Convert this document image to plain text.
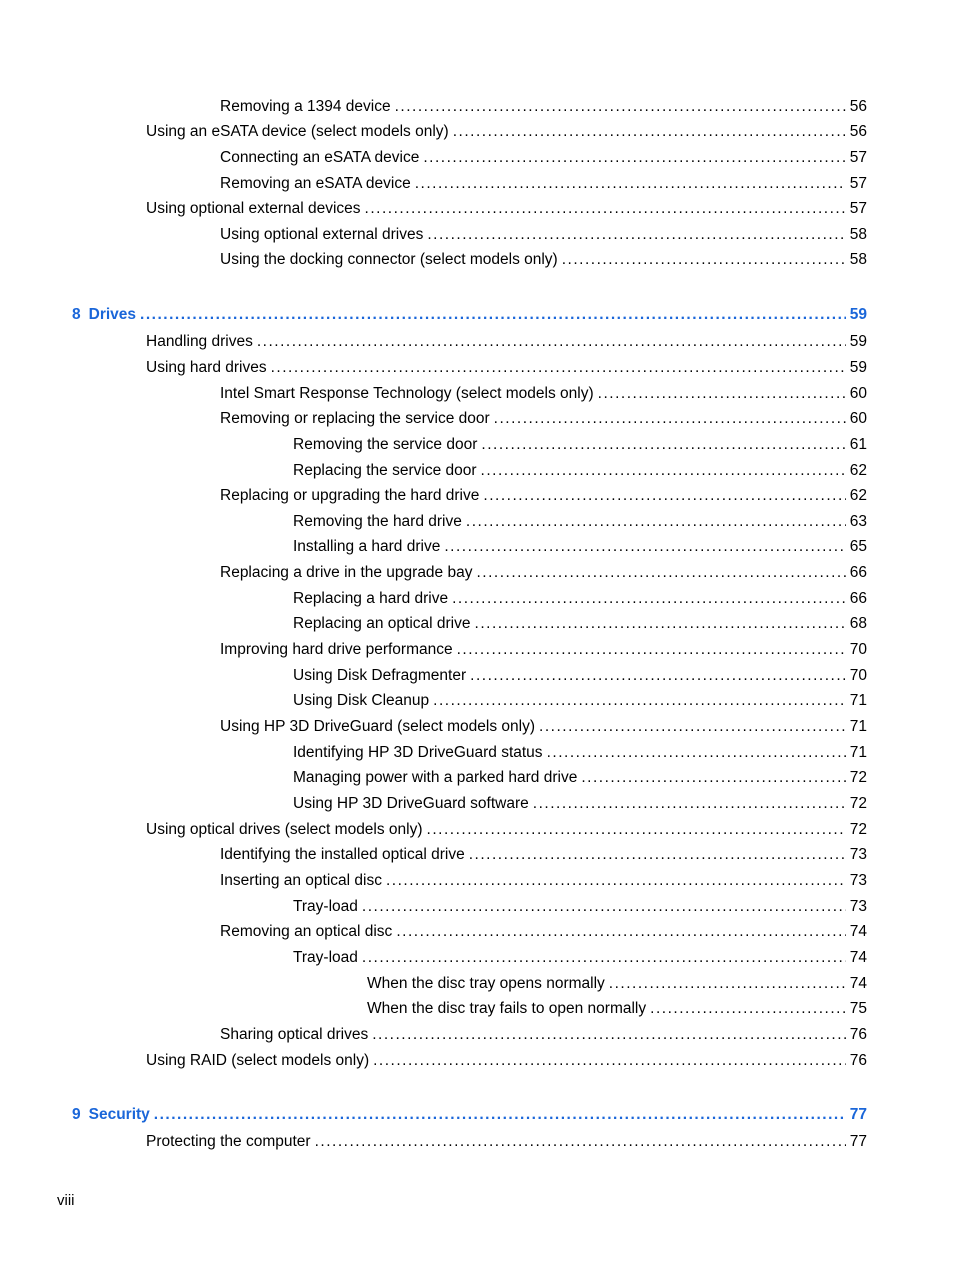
Removing a 1394 device . . .	56
Using an eSATA device (select models only) . . .	56
Connecting an eSATA device . . .	57
Removing an eSATA device . . .	57
Using optional external devices . . .	57
Using optional external drives . . .	58
Using the docking connector (select models only) . . .	58
8 Drives . . .	59
Handling drives . . .	59
Using hard drives . . .	59
Intel Smart Response Technology (select models only) . . .	60
Removing or replacing the service door . . .	60
Removing the service door . . .	61
Replacing the service door . . .	62
Replacing or upgrading the hard drive . . .	62
Removing the hard drive . . .	63
Installing a hard drive . . .	65
Replacing a drive in the upgrade bay . . .	66
Replacing a hard drive . . .	66
Replacing an optical drive . . .	68
Improving hard drive performance . . .	70
Using Disk Defragmenter . . .	70
Using Disk Cleanup . . .	71
Using HP 3D DriveGuard (select models only) . . .	71
Identifying HP 3D DriveGuard status . . .	71
Managing power with a parked hard drive . . .	72
Using HP 3D DriveGuard software . . .	72
Using optical drives (select models only) . . .	72
Identifying the installed optical drive . . .	73
Inserting an optical disc . . .	73
Tray-load . . .	73
Removing an optical disc . . .	74
Tray-load . . .	74
When the disc tray opens normally . . .	74
When the disc tray fails to open normally . . .	75
Sharing optical drives . . .	76
Using RAID (select models only) . . .	76
9 Security . . .	77
Protecting the computer . . .	77
viii
